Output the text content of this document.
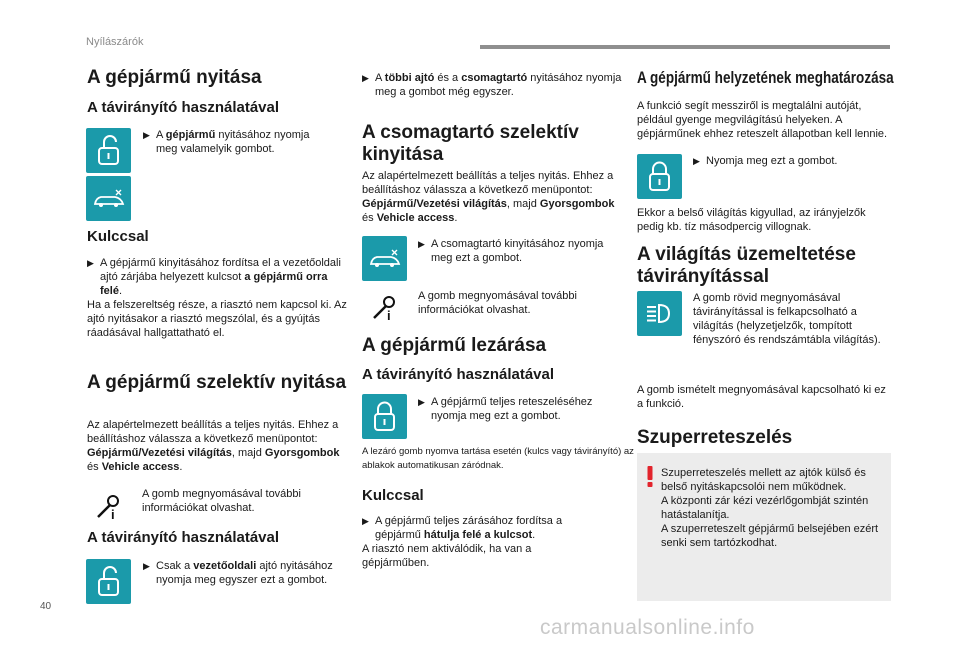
Nyílászárók
A gépjármű nyitása
A távirányító használatával
▶ A gépjármű nyitásához nyomja meg valamelyik gombot.
Kulccsal
▶ A gépjármű kinyitásához fordítsa el a vezetőoldali ajtó zárjába helyezett kulcsot a gépjármű orra felé.
Ha a felszereltség része, a riasztó nem kapcsol ki. Az ajtó nyitásakor a riasztó megszólal, és a gyújtás ráadásával hallgattatható el.
A gépjármű szelektív nyitása
Az alapértelmezett beállítás a teljes nyitás. Ehhez a beállításhoz válassza a következő menüpontot: Gépjármű/Vezetési világítás, majd Gyorsgombok és Vehicle access.
i
A gomb megnyomásával további információkat olvashat.
A távirányító használatával
▶ Csak a vezetőoldali ajtó nyitásához nyomja meg egyszer ezt a gombot.
▶ A többi ajtó és a csomagtartó nyitásához nyomja meg a gombot még egyszer.
A csomagtartó szelektív kinyitása
Az alapértelmezett beállítás a teljes nyitás. Ehhez a beállításhoz válassza a következő menüpontot: Gépjármű/Vezetési világítás, majd Gyorsgombok és Vehicle access.
▶ A csomagtartó kinyitásához nyomja meg ezt a gombot.
i
A gomb megnyomásával további információkat olvashat.
A gépjármű lezárása
A távirányító használatával
▶ A gépjármű teljes reteszeléséhez nyomja meg ezt a gombot.
A lezáró gomb nyomva tartása esetén (kulcs vagy távirányító) az ablakok automatikusan záródnak.
Kulccsal
▶ A gépjármű teljes zárásához fordítsa a gépjármű hátulja felé a kulcsot.
A riasztó nem aktiválódik, ha van a gépjárműben.
A gépjármű helyzetének meghatározása
A funkció segít messziről is megtalálni autóját, például gyenge megvilágítású helyeken. A gépjárműnek ehhez reteszelt állapotban kell lennie.
▶ Nyomja meg ezt a gombot.
Ekkor a belső világítás kigyullad, az irányjelzők pedig kb. tíz másodpercig villognak.
A világítás üzemeltetése távirányítással
A gomb rövid megnyomásával távirányítással is felkapcsolható a világítás (helyzetjelzők, tompított fényszóró és rendszámtábla világítás).
A gomb ismételt megnyomásával kapcsolható ki ez a funkció.
Szuperreteszelés
Szuperreteszelés mellett az ajtók külső és belső nyitáskapcsolói nem működnek.
A központi zár kézi vezérlőgombját szintén hatástalanítja.
A szuperreteszelt gépjármű belsejében ezért senki sem tartózkodhat.
40
carmanualsonline.info
